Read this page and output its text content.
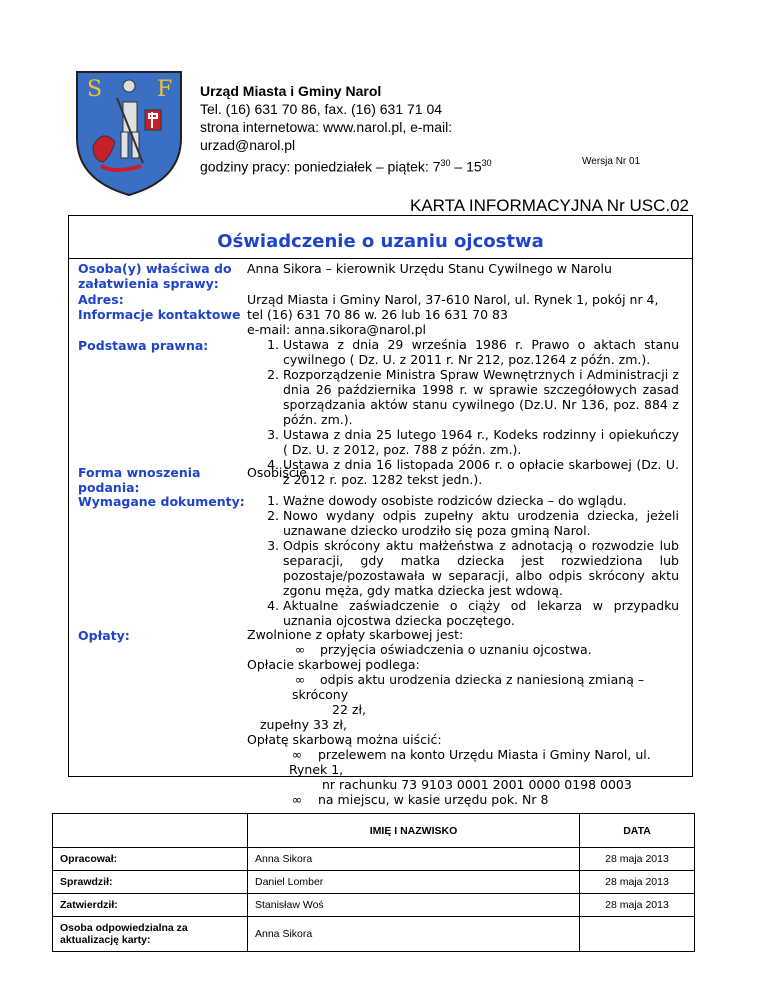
S F Urząd Miasta i Gminy Narol
Tel. (16) 631 70 86, fax. (16) 631 71 04
strona internetowa: www.narol.pl, e-mail:
urzad@narol.pl
godziny pracy: poniedziałek – piątek: $7^{30} - 15^{30}$	Wersja Nr 01
KARTA INFORMACYJNA Nr USC.02
Oświadczenie o uzaniu ojcostwa
Osoba(y) właściwa do załatwienia sprawy:
Anna Sikora – kierownik Urzędu Stanu Cywilnego w Narolu
Adres:	Urząd Miasta i Gminy Narol, 37-610 Narol, ul. Rynek 1, pokój nr 4,
Informacje kontaktowe tel (16) 631 70 86 w. 26 lub 16 631 70 83
e-mail: anna.sikora@narol.pl
Podstawa prawna:	1. Ustawa z dnia 29 września 1986 r. Prawo o aktach stanu cywilnego ( Dz. U. z 2011 r. Nr 212, poz.1264 z późn. zm.).
2. Rozporządzenie Ministra Spraw Wewnętrznych i Administracji z dnia 26 października 1998 r. w sprawie szczegółowych zasad sporządzania aktów stanu cywilnego (Dz.U. Nr 136, poz. 884 z późn. zm.).
3. Ustawa z dnia 25 lutego 1964 r., Kodeks rodzinny i opiekuńczy ( Dz. U. z 2012, poz. 788 z późn. zm.).
4. Ustawa z dnia 16 listopada 2006 r. o opłacie skarbowej (Dz. U. z 2012 r. poz. 1282 tekst jedn.).
Forma wnoszenia podania:
Osobiście
Wymagane dokumenty:	1. Ważne dowody osobiste rodziców dziecka – do wglądu.
2. Nowo wydany odpis zupełny aktu urodzenia dziecka, jeżeli uznawane dziecko urodziło się poza gminą Narol.
3. Odpis skrócony aktu małżeństwa z adnotacją o rozwodzie lub separacji, gdy matka dziecka jest rozwiedziona lub pozostaje/pozostawała w separacji, albo odpis skrócony aktu zgonu męża, gdy matka dziecka jest wdową.
4. Aktualne zaświadczenie o ciąży od lekarza w przypadku uznania ojcostwa dziecka poczętego.
Opłaty:	Zwolnione z opłaty skarbowej jest:
∞ przyjęcia oświadczenia o uznaniu ojcostwa.
Opłacie skarbowej podlega:
∞ odpis aktu urodzenia dziecka z naniesioną zmianą – skrócony
22 zł,
zupełny 33 zł,
Opłatę skarbową można uiścić:
∞ przelewem na konto Urzędu Miasta i Gminy Narol, ul. Rynek 1,
nr rachunku 73 9103 0001 2001 0000 0198 0003
∞ na miejscu, w kasie urzędu pok. Nr 8
	IMIĘ I NAZWISKO	DATA
Opracował:	Anna Sikora	28 maja 2013
Sprawdził:	Daniel Lomber	28 maja 2013
Zatwierdził:	Stanisław Woś	28 maja 2013
Osoba odpowiedzialna za aktualizację karty:	Anna Sikora	
